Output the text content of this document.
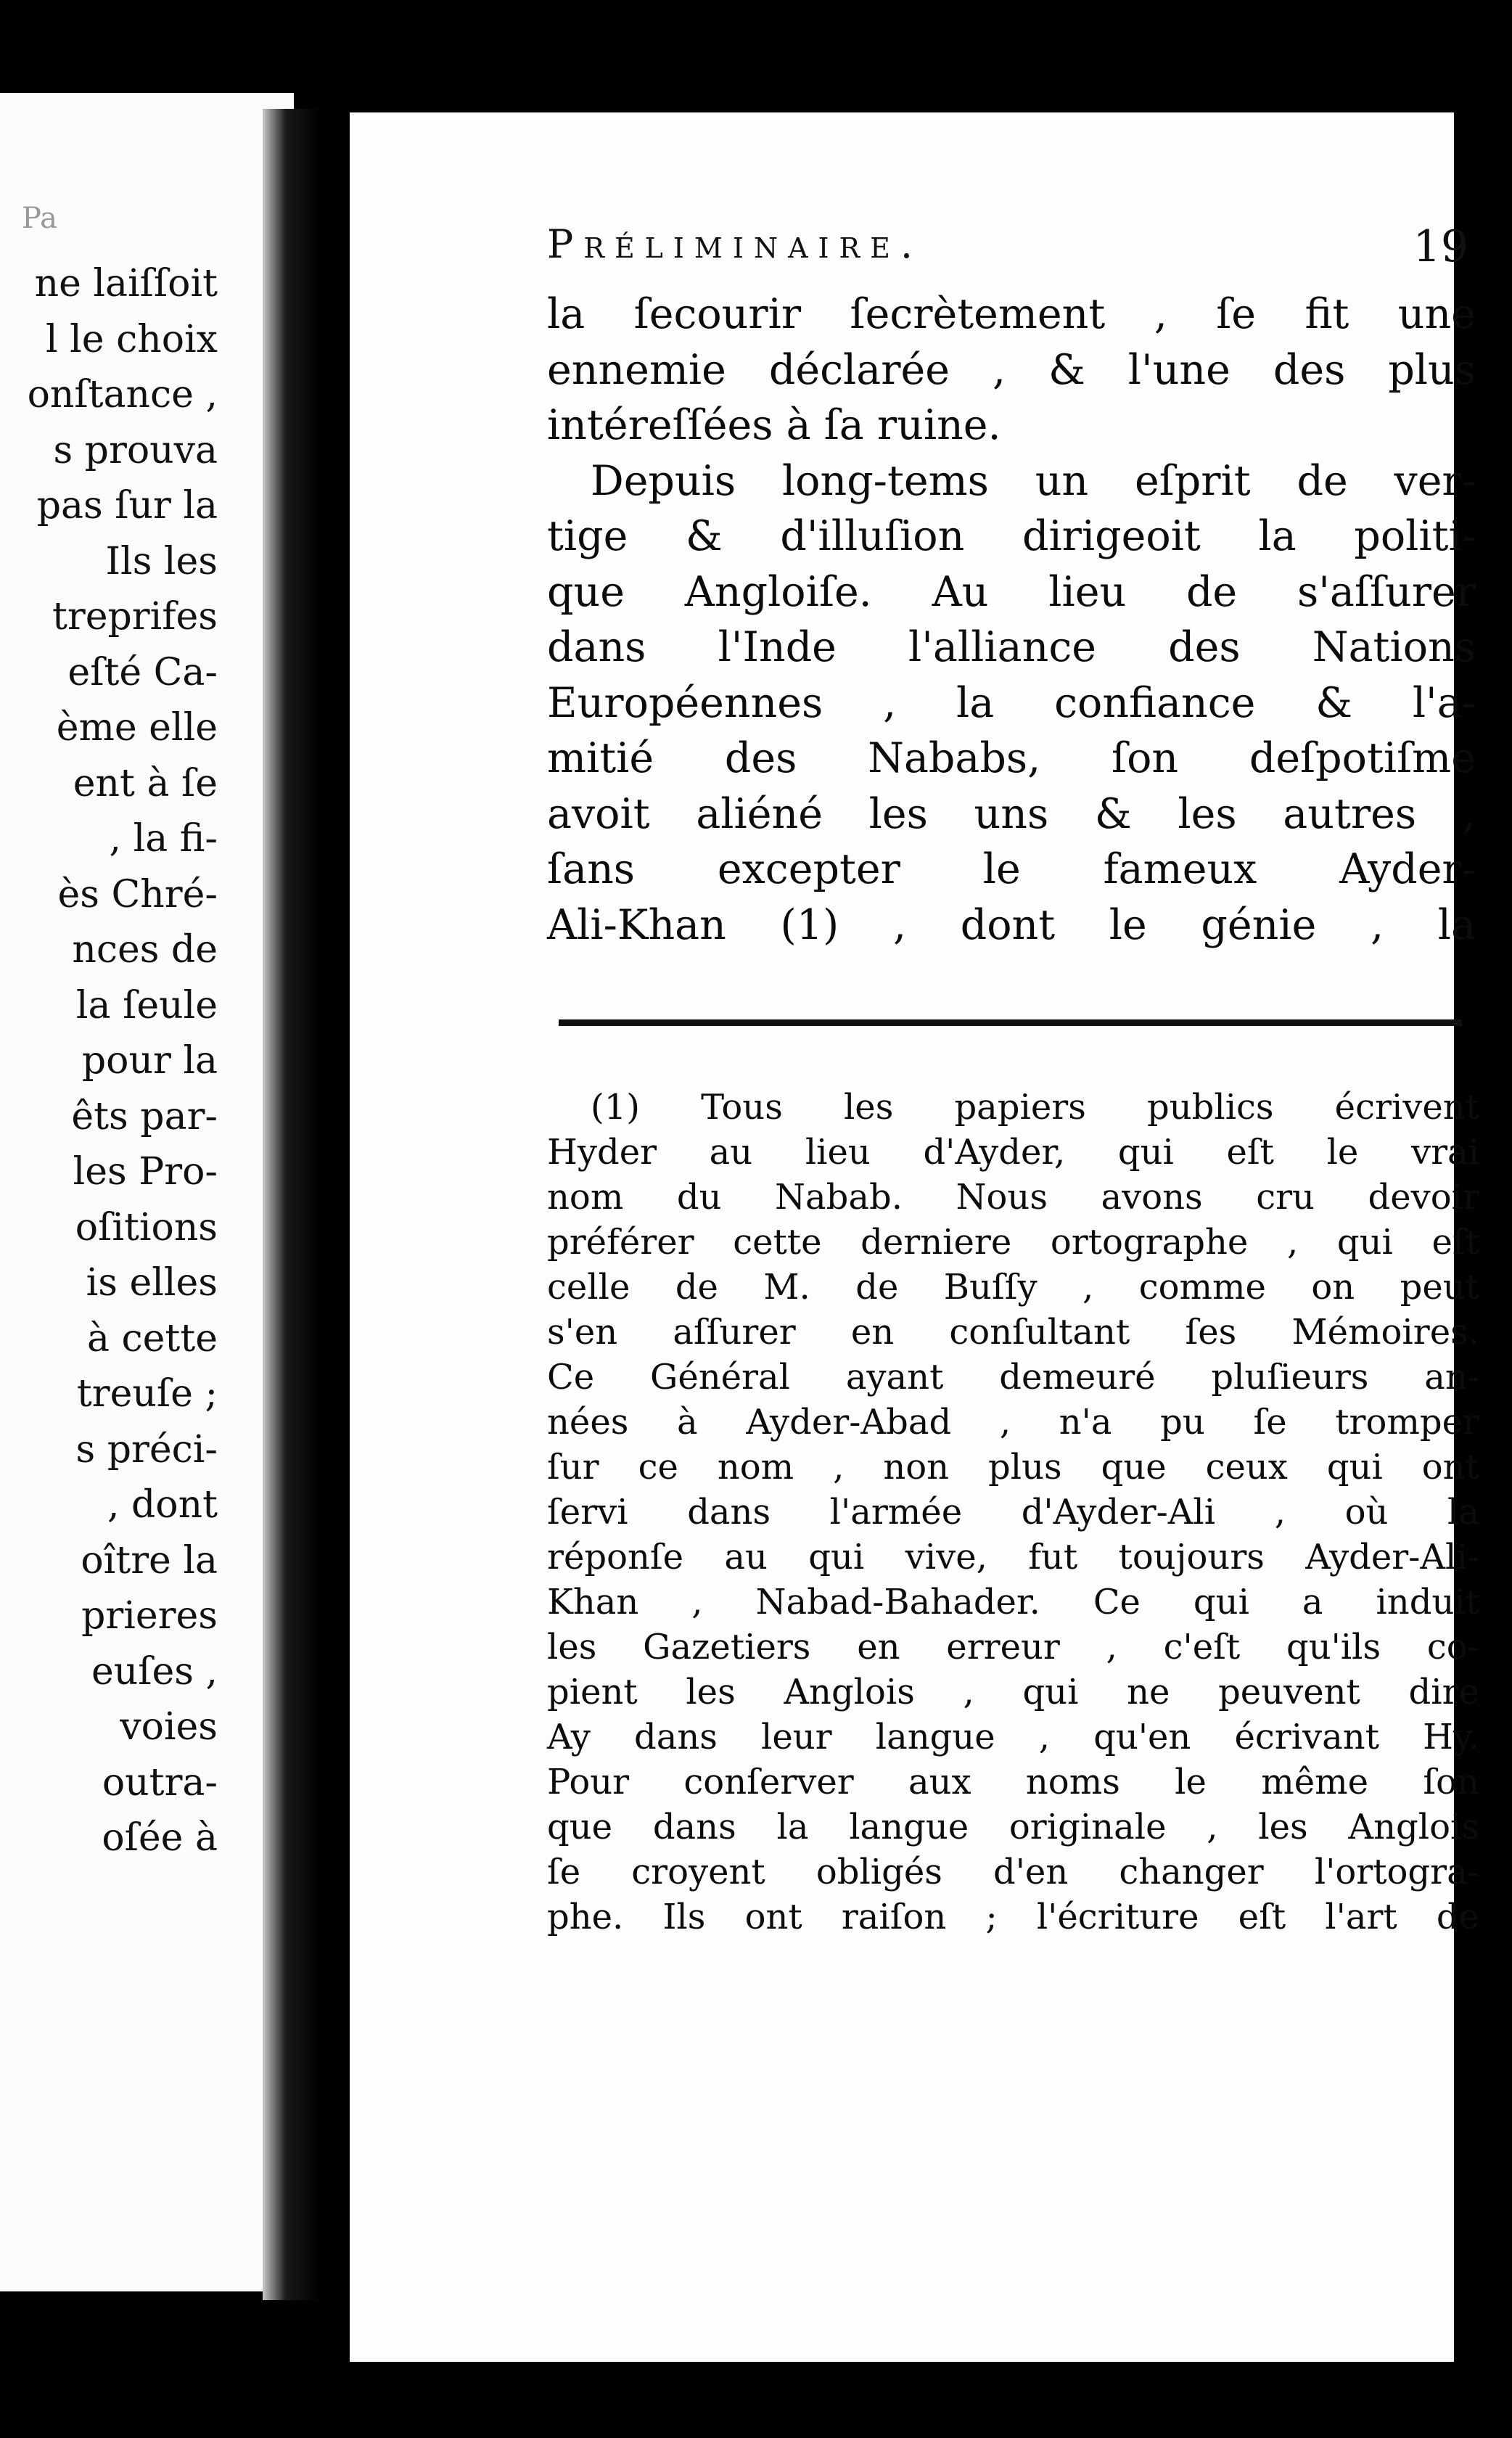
Pa
ne laiſſoit
l le choix
onſtance ,
s prouva
pas ſur la
Ils les
treprifes
eſté Ca-
ème elle
ent à ſe
, la fi-
ès Chré-
nces de
la ſeule
pour la
êts par-
les Pro-
oſitions
is elles
à cette
treuſe ;
s préci-
, dont
oître la
prieres
euſes ,
voies
outra-
oſée à
Préliminaire.	19
la ſecourir ſecrètement , ſe fit une
ennemie déclarée , & l'une des plus
intéreſſées à ſa ruine.
Depuis long-tems un eſprit de ver-
tige & d'illuſion dirigeoit la politi-
que Angloiſe. Au lieu de s'aſſurer
dans l'Inde l'alliance des Nations
Européennes , la confiance & l'a-
mitié des Nababs, ſon deſpotiſme
avoit aliéné les uns & les autres ,
ſans excepter le fameux Ayder-
Ali-Khan (1) , dont le génie , la
(1) Tous les papiers publics écrivent
Hyder au lieu d'Ayder, qui eſt le vrai
nom du Nabab. Nous avons cru devoir
préférer cette derniere ortographe , qui eſt
celle de M. de Buſſy , comme on peut
s'en aſſurer en conſultant ſes Mémoires.
Ce Général ayant demeuré pluſieurs an-
nées à Ayder-Abad , n'a pu ſe tromper
ſur ce nom , non plus que ceux qui ont
ſervi dans l'armée d'Ayder-Ali , où la
réponſe au qui vive, fut toujours Ayder-Ali-
Khan , Nabad-Bahader. Ce qui a induit
les Gazetiers en erreur , c'eſt qu'ils co-
pient les Anglois , qui ne peuvent dire
Ay dans leur langue , qu'en écrivant Hy.
Pour conſerver aux noms le même ſon
que dans la langue originale , les Anglois
ſe croyent obligés d'en changer l'ortogra-
phe. Ils ont raiſon ; l'écriture eſt l'art de
